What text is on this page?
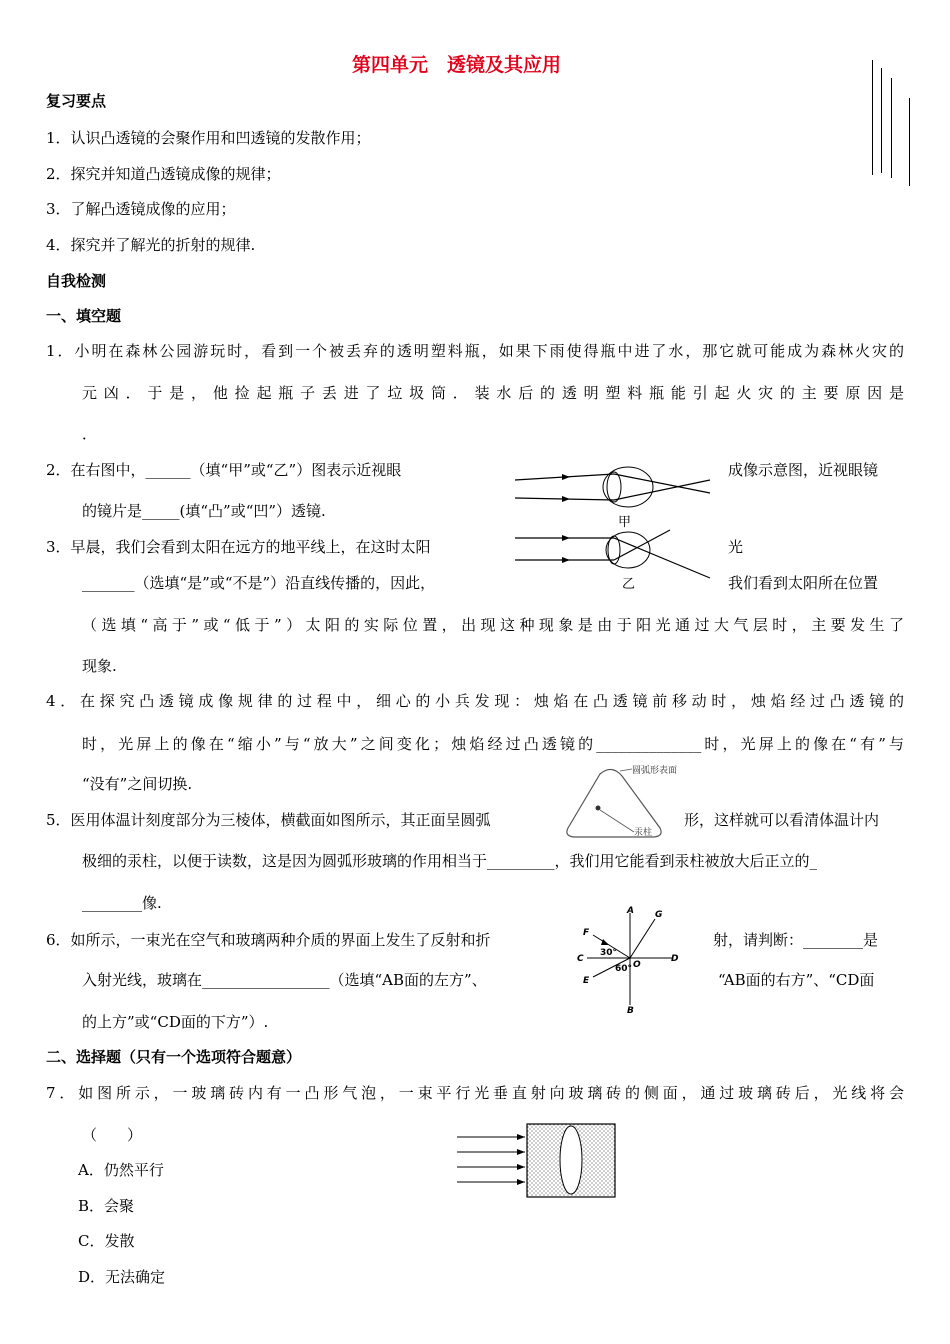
第四单元　透镜及其应用
复习要点
1．认识凸透镜的会聚作用和凹透镜的发散作用；
2．探究并知道凸透镜成像的规律；
3．了解凸透镜成像的应用；
4．探究并了解光的折射的规律.
自我检测
一、填空题
1．小明在森林公园游玩时，看到一个被丢弃的透明塑料瓶，如果下雨使得瓶中进了水，那它就可能成为森林火灾的
元凶．于是，他捡起瓶子丢进了垃圾筒．装水后的透明塑料瓶能引起火灾的主要原因是
．
2．在右图中，______（填“甲”或“乙”）图表示近视眼	成像示意图，近视眼镜
的镜片是_____(填“凸”或“凹”）透镜.
甲
乙
3．早晨，我们会看到太阳在远方的地平线上，在这时太阳	光
_______（选填“是”或“不是”）沿直线传播的，因此，	我们看到太阳所在位置
（选填“高于”或“低于”）太阳的实际位置，出现这种现象是由于阳光通过大气层时，主要发生了
现象.
4．在探究凸透镜成像规律的过程中，细心的小兵发现：烛焰在凸透镜前移动时，烛焰经过凸透镜的
时，光屏上的像在“缩小”与“放大”之间变化；烛焰经过凸透镜的______________时，光屏上的像在“有”与
“没有”之间切换.
圆弧形表面
汞柱
5．医用体温计刻度部分为三棱体，横截面如图所示，其正面呈圆弧	形，这样就可以看清体温计内
极细的汞柱，以便于读数，这是因为圆弧形玻璃的作用相当于_________，我们用它能看到汞柱被放大后正立的_
________像.	A G
F
30°
C
O
D
60°
E
B
6．如所示，一束光在空气和玻璃两种介质的界面上发生了反射和折	射，请判断：________是
入射光线，玻璃在_________________（选填“AB面的左方”、	“AB面的右方”、“CD面
的上方”或“CD面的下方”）.
二、选择题（只有一个选项符合题意）
7．如图所示，一玻璃砖内有一凸形气泡，一束平行光垂直射向玻璃砖的侧面，通过玻璃砖后，光线将会
（　　）
A．仍然平行
B．会聚
C．发散
D．无法确定
